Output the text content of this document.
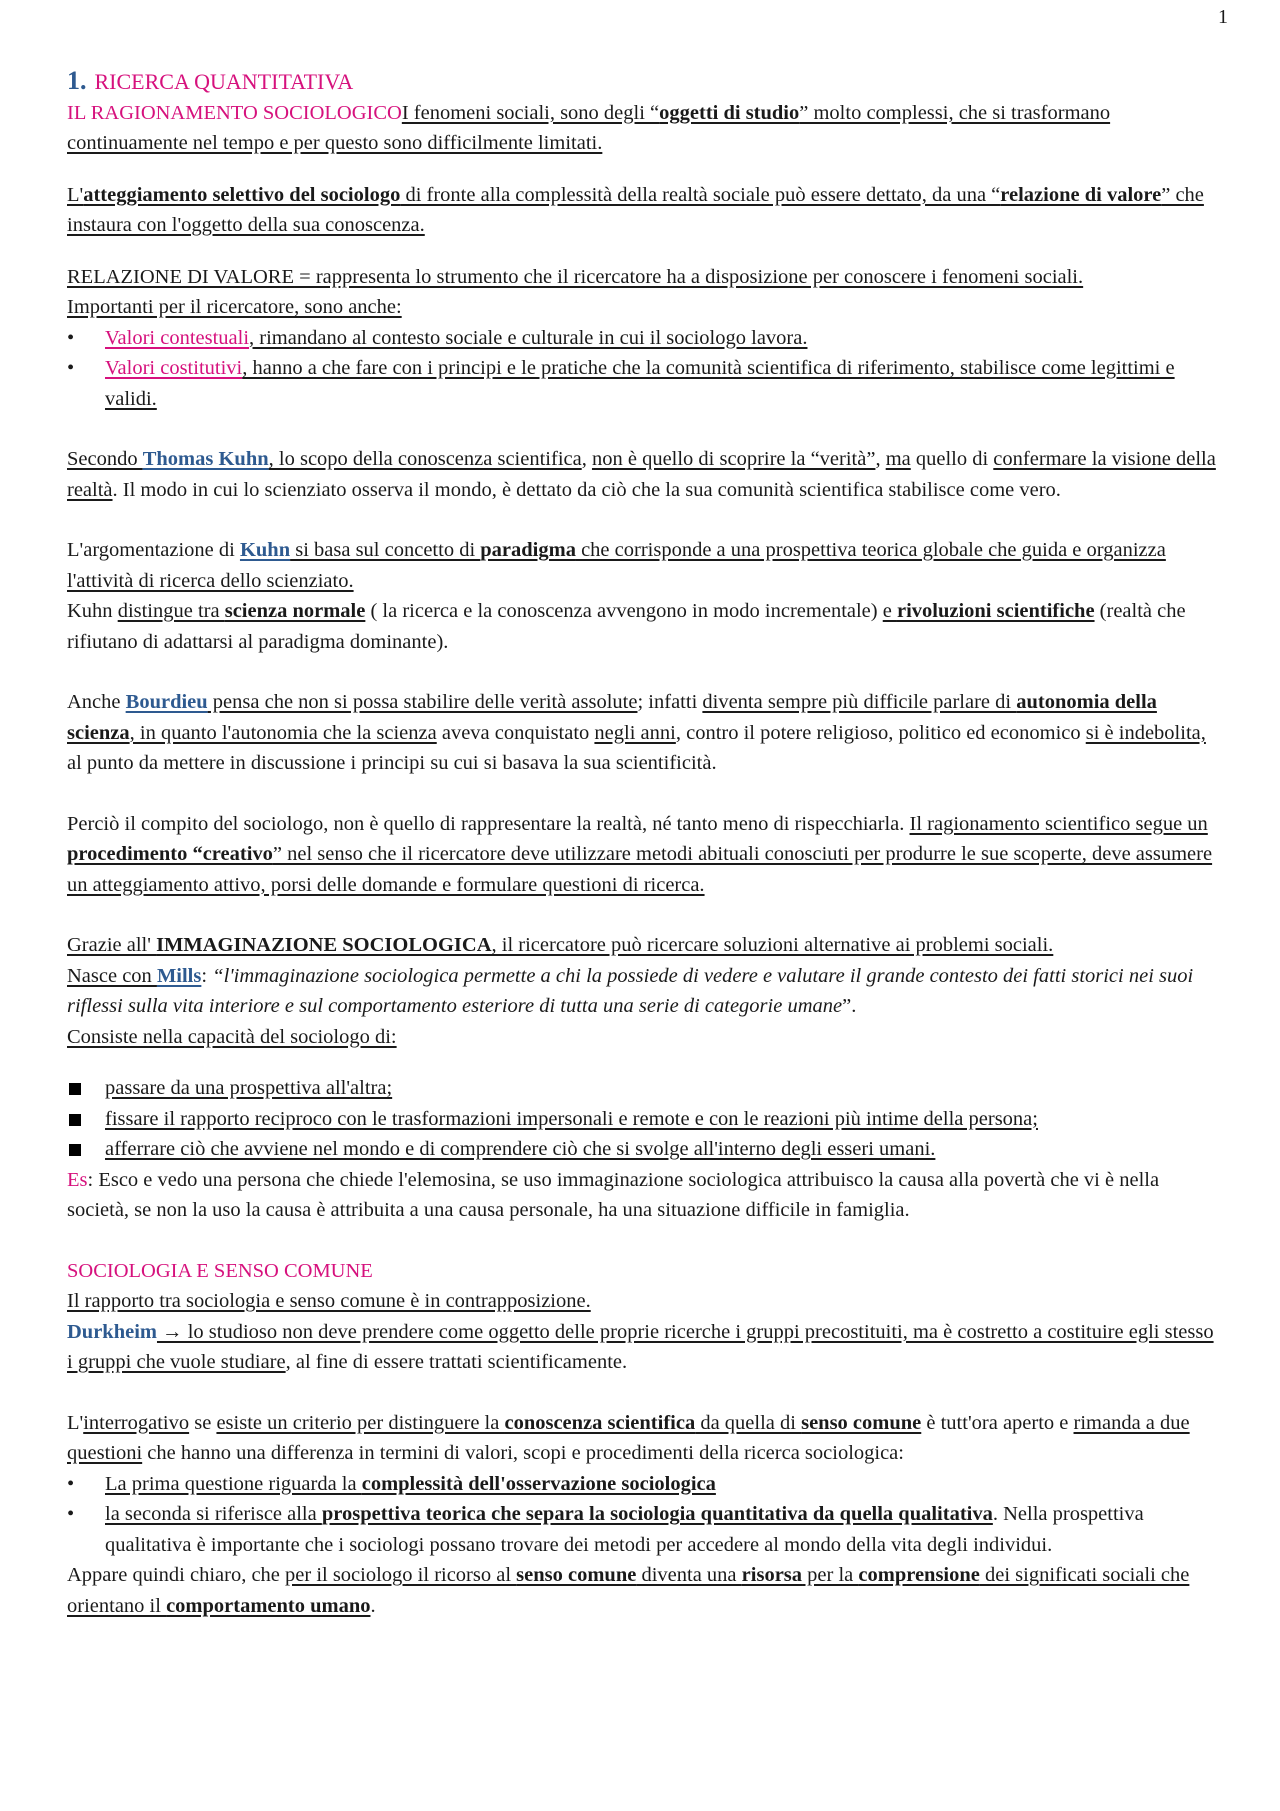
1

1. RICERCA QUANTITATIVA

IL RAGIONAMENTO SOCIOLOGICOI fenomeni sociali, sono degli “oggetti di studio” molto complessi, che si trasformano continuamente nel tempo e per questo sono difficilmente limitati.

L'atteggiamento selettivo del sociologo di fronte alla complessità della realtà sociale può essere dettato, da una “relazione di valore” che instaura con l'oggetto della sua conoscenza.

RELAZIONE DI VALORE = rappresenta lo strumento che il ricercatore ha a disposizione per conoscere i fenomeni sociali.

Importanti per il ricercatore, sono anche:

• Valori contestuali, rimandano al contesto sociale e culturale in cui il sociologo lavora.
• Valori costitutivi, hanno a che fare con i principi e le pratiche che la comunità scientifica di riferimento, stabilisce come legittimi e validi.

Secondo Thomas Kuhn, lo scopo della conoscenza scientifica, non è quello di scoprire la “verità”, ma quello di confermare la visione della realtà. Il modo in cui lo scienziato osserva il mondo, è dettato da ciò che la sua comunità scientifica stabilisce come vero.

L'argomentazione di Kuhn si basa sul concetto di paradigma che corrisponde a una prospettiva teorica globale che guida e organizza l'attività di ricerca dello scienziato.

Kuhn distingue tra scienza normale ( la ricerca e la conoscenza avvengono in modo incrementale) e rivoluzioni scientifiche (realtà che rifiutano di adattarsi al paradigma dominante).

Anche Bourdieu pensa che non si possa stabilire delle verità assolute; infatti diventa sempre più difficile parlare di autonomia della scienza, in quanto l'autonomia che la scienza aveva conquistato negli anni, contro il potere religioso, politico ed economico si è indebolita, al punto da mettere in discussione i principi su cui si basava la sua scientificità.

Perciò il compito del sociologo, non è quello di rappresentare la realtà, né tanto meno di rispecchiarla. Il ragionamento scientifico segue un procedimento “creativo” nel senso che il ricercatore deve utilizzare metodi abituali conosciuti per produrre le sue scoperte, deve assumere un atteggiamento attivo, porsi delle domande e formulare questioni di ricerca.

Grazie all' IMMAGINAZIONE SOCIOLOGICA, il ricercatore può ricercare soluzioni alternative ai problemi sociali.

Nasce con Mills: “l'immaginazione sociologica permette a chi la possiede di vedere e valutare il grande contesto dei fatti storici nei suoi riflessi sulla vita interiore e sul comportamento esteriore di tutta una serie di categorie umane”.

Consiste nella capacità del sociologo di:

passare da una prospettiva all'altra;
fissare il rapporto reciproco con le trasformazioni impersonali e remote e con le reazioni più intime della persona;
afferrare ciò che avviene nel mondo e di comprendere ciò che si svolge all'interno degli esseri umani.

Es: Esco e vedo una persona che chiede l'elemosina, se uso immaginazione sociologica attribuisco la causa alla povertà che vi è nella società, se non la uso la causa è attribuita a una causa personale, ha una situazione difficile in famiglia.

SOCIOLOGIA E SENSO COMUNE

Il rapporto tra sociologia e senso comune è in contrapposizione.

Durkheim → lo studioso non deve prendere come oggetto delle proprie ricerche i gruppi precostituiti, ma è costretto a costituire egli stesso i gruppi che vuole studiare, al fine di essere trattati scientificamente.

L'interrogativo se esiste un criterio per distinguere la conoscenza scientifica da quella di senso comune è tutt'ora aperto e rimanda a due questioni che hanno una differenza in termini di valori, scopi e procedimenti della ricerca sociologica:

• La prima questione riguarda la complessità dell'osservazione sociologica
• la seconda si riferisce alla prospettiva teorica che separa la sociologia quantitativa da quella qualitativa. Nella prospettiva qualitativa è importante che i sociologi possano trovare dei metodi per accedere al mondo della vita degli individui.

Appare quindi chiaro, che per il sociologo il ricorso al senso comune diventa una risorsa per la comprensione dei significati sociali che orientano il comportamento umano.
